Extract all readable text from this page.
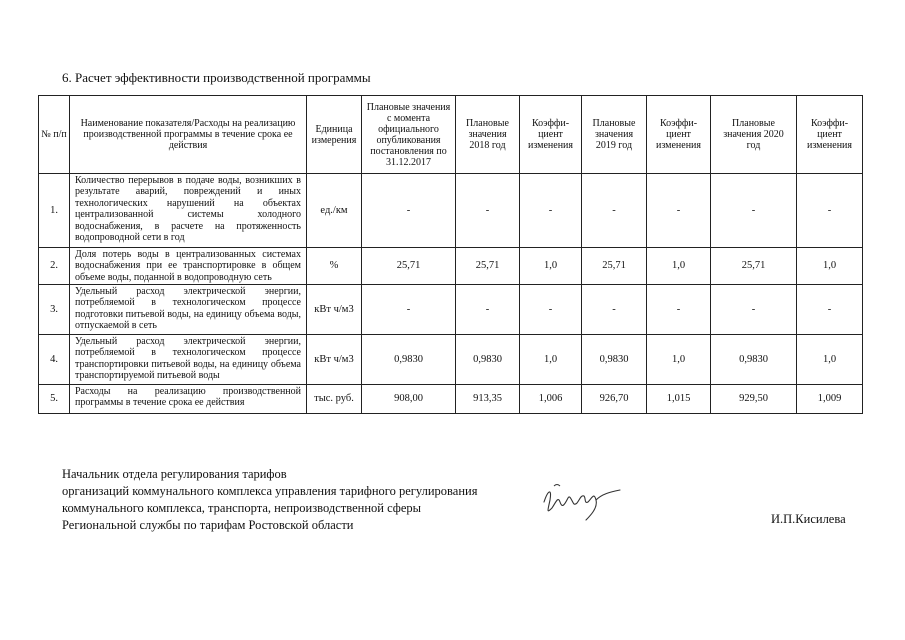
6. Расчет эффективности производственной программы
№ п/п	Наименование показателя/Расходы на реализацию производственной программы в течение срока ее действия	Единица измерения	Плановые значения с момента официального опубликования постановления по 31.12.2017	Плановые значения 2018 год	Коэффи-циент изменения	Плановые значения 2019 год	Коэффи-циент изменения	Плановые значения 2020 год	Коэффи-циент изменения
1.	Количество перерывов в подаче воды, возникших в результате аварий, повреждений и иных технологических нарушений на объектах централизованной системы холодного водоснабжения, в расчете на протяженность водопроводной сети в год	ед./км	-	-	-	-	-	-	-
2.	Доля потерь воды в централизованных системах водоснабжения при ее транспортировке в общем объеме воды, поданной в водопроводную сеть	%	25,71	25,71	1,0	25,71	1,0	25,71	1,0
3.	Удельный расход электрической энергии, потребляемой в технологическом процессе подготовки питьевой воды, на единицу объема воды, отпускаемой в сеть	кВт ч/м3	-	-	-	-	-	-	-
4.	Удельный расход электрической энергии, потребляемой в технологическом процессе транспортировки питьевой воды, на единицу объема транспортируемой питьевой воды	кВт ч/м3	0,9830	0,9830	1,0	0,9830	1,0	0,9830	1,0
5.	Расходы на реализацию производственной программы в течение срока ее действия	тыс. руб.	908,00	913,35	1,006	926,70	1,015	929,50	1,009
Начальник отдела регулирования тарифов
организаций коммунального комплекса управления тарифного регулирования
коммунального комплекса, транспорта, непроизводственной сферы
Региональной службы по тарифам Ростовской области	И.П.Кисилева
